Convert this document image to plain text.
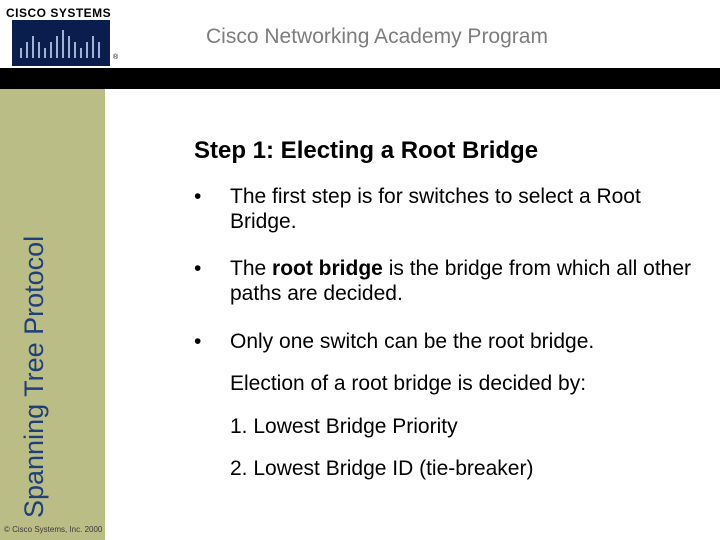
CISCO SYSTEMS
®
Cisco Networking Academy Program
Spanning Tree Protocol
© Cisco Systems, Inc. 2000
Step 1: Electing a Root Bridge
•	The first step is for switches to select a Root Bridge.
•	The root bridge is the bridge from which all other paths are decided.
•	Only one switch can be the root bridge.
Election of a root bridge is decided by:
1. Lowest Bridge Priority
2. Lowest Bridge ID (tie-breaker)
